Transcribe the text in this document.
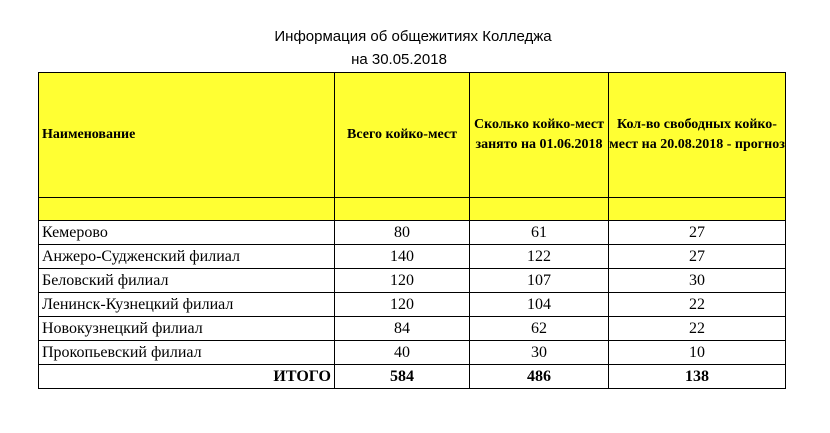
Информация об общежитиях Колледжа
на 30.05.2018
Наименование	Всего койко-мест	Сколько койко-мест занято на 01.06.2018	Кол-во свободных койко-мест на 20.08.2018 - прогноз

Кемерово	80	61	27
Анжеро-Судженский филиал	140	122	27
Беловский филиал	120	107	30
Ленинск-Кузнецкий филиал	120	104	22
Новокузнецкий филиал	84	62	22
Прокопьевский филиал	40	30	10
ИТОГО	584	486	138
